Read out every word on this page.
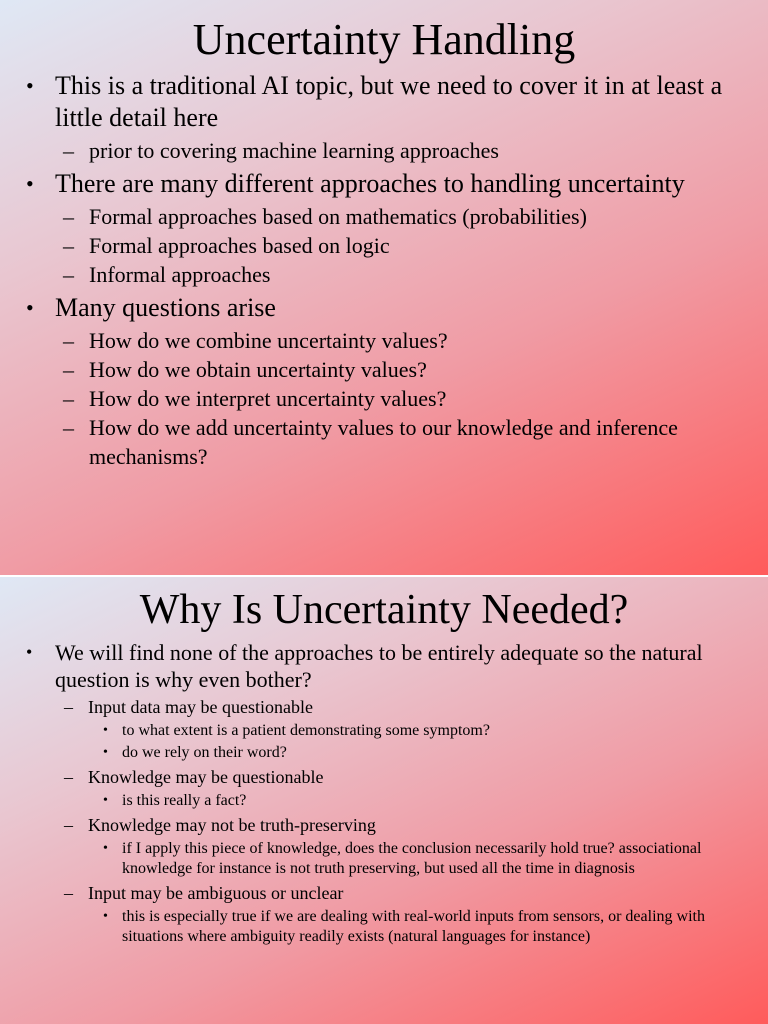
Uncertainty Handling
• This is a traditional AI topic, but we need to cover it in at least a little detail here
– prior to covering machine learning approaches
• There are many different approaches to handling uncertainty
– Formal approaches based on mathematics (probabilities)
– Formal approaches based on logic
– Informal approaches
• Many questions arise
– How do we combine uncertainty values?
– How do we obtain uncertainty values?
– How do we interpret uncertainty values?
– How do we add uncertainty values to our knowledge and inference mechanisms?
Why Is Uncertainty Needed?
• We will find none of the approaches to be entirely adequate so the natural question is why even bother?
– Input data may be questionable
• to what extent is a patient demonstrating some symptom?
• do we rely on their word?
– Knowledge may be questionable
• is this really a fact?
– Knowledge may not be truth-preserving
• if I apply this piece of knowledge, does the conclusion necessarily hold true? associational knowledge for instance is not truth preserving, but used all the time in diagnosis
– Input may be ambiguous or unclear
• this is especially true if we are dealing with real-world inputs from sensors, or dealing with situations where ambiguity readily exists (natural languages for instance)
